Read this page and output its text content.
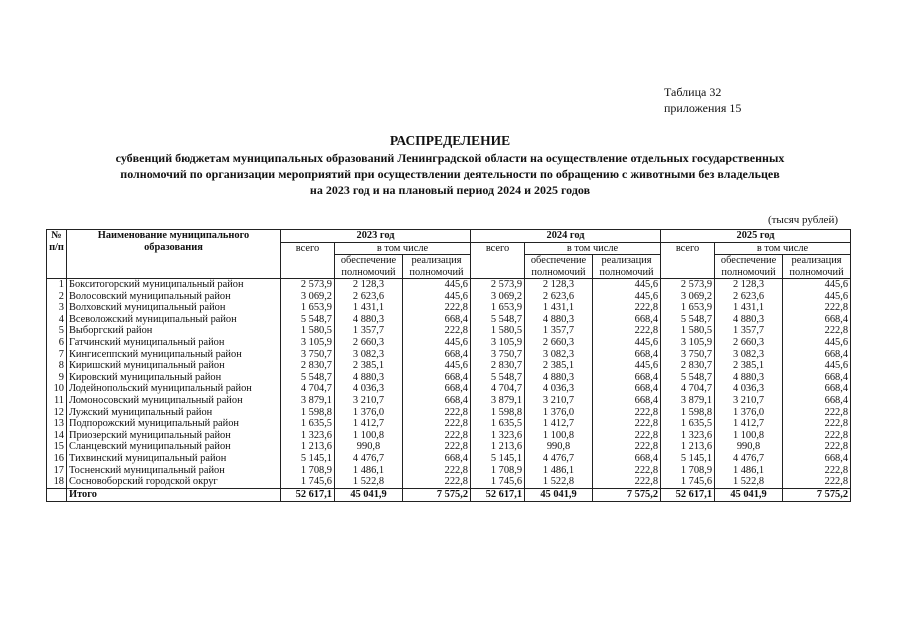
Таблица 32
приложения 15
РАСПРЕДЕЛЕНИЕ
субвенций бюджетам муниципальных образований Ленинградской области на осуществление отдельных государственных
полномочий по организации мероприятий при осуществлении деятельности по обращению с животными без владельцев
на 2023 год и на плановый период 2024 и 2025 годов
(тысяч рублей)
№ п/п	Наименование муниципального образования	2023 год			2024 год			2025 год		
		всего	в том числе		всего	в том числе		всего	в том числе	
			обеспечение полномочий	реализация полномочий		обеспечение полномочий	реализация полномочий		обеспечение полномочий	реализация полномочий
1	Бокситогорский муниципальный район	2 573,9	2 128,3	445,6	2 573,9	2 128,3	445,6	2 573,9	2 128,3	445,6
2	Волосовский муниципальный район	3 069,2	2 623,6	445,6	3 069,2	2 623,6	445,6	3 069,2	2 623,6	445,6
3	Волховский муниципальный район	1 653,9	1 431,1	222,8	1 653,9	1 431,1	222,8	1 653,9	1 431,1	222,8
4	Всеволожский муниципальный район	5 548,7	4 880,3	668,4	5 548,7	4 880,3	668,4	5 548,7	4 880,3	668,4
5	Выборгский район	1 580,5	1 357,7	222,8	1 580,5	1 357,7	222,8	1 580,5	1 357,7	222,8
6	Гатчинский муниципальный район	3 105,9	2 660,3	445,6	3 105,9	2 660,3	445,6	3 105,9	2 660,3	445,6
7	Кингисеппский муниципальный район	3 750,7	3 082,3	668,4	3 750,7	3 082,3	668,4	3 750,7	3 082,3	668,4
8	Киришский муниципальный район	2 830,7	2 385,1	445,6	2 830,7	2 385,1	445,6	2 830,7	2 385,1	445,6
9	Кировский муниципальный район	5 548,7	4 880,3	668,4	5 548,7	4 880,3	668,4	5 548,7	4 880,3	668,4
10	Лодейнопольский муниципальный район	4 704,7	4 036,3	668,4	4 704,7	4 036,3	668,4	4 704,7	4 036,3	668,4
11	Ломоносовский муниципальный район	3 879,1	3 210,7	668,4	3 879,1	3 210,7	668,4	3 879,1	3 210,7	668,4
12	Лужский муниципальный район	1 598,8	1 376,0	222,8	1 598,8	1 376,0	222,8	1 598,8	1 376,0	222,8
13	Подпорожский муниципальный район	1 635,5	1 412,7	222,8	1 635,5	1 412,7	222,8	1 635,5	1 412,7	222,8
14	Приозерский муниципальный район	1 323,6	1 100,8	222,8	1 323,6	1 100,8	222,8	1 323,6	1 100,8	222,8
15	Сланцевский муниципальный район	1 213,6	990,8	222,8	1 213,6	990,8	222,8	1 213,6	990,8	222,8
16	Тихвинский муниципальный район	5 145,1	4 476,7	668,4	5 145,1	4 476,7	668,4	5 145,1	4 476,7	668,4
17	Тосненский муниципальный район	1 708,9	1 486,1	222,8	1 708,9	1 486,1	222,8	1 708,9	1 486,1	222,8
18	Сосновоборский городской округ	1 745,6	1 522,8	222,8	1 745,6	1 522,8	222,8	1 745,6	1 522,8	222,8
	Итого	52 617,1	45 041,9	7 575,2	52 617,1	45 041,9	7 575,2	52 617,1	45 041,9	7 575,2
